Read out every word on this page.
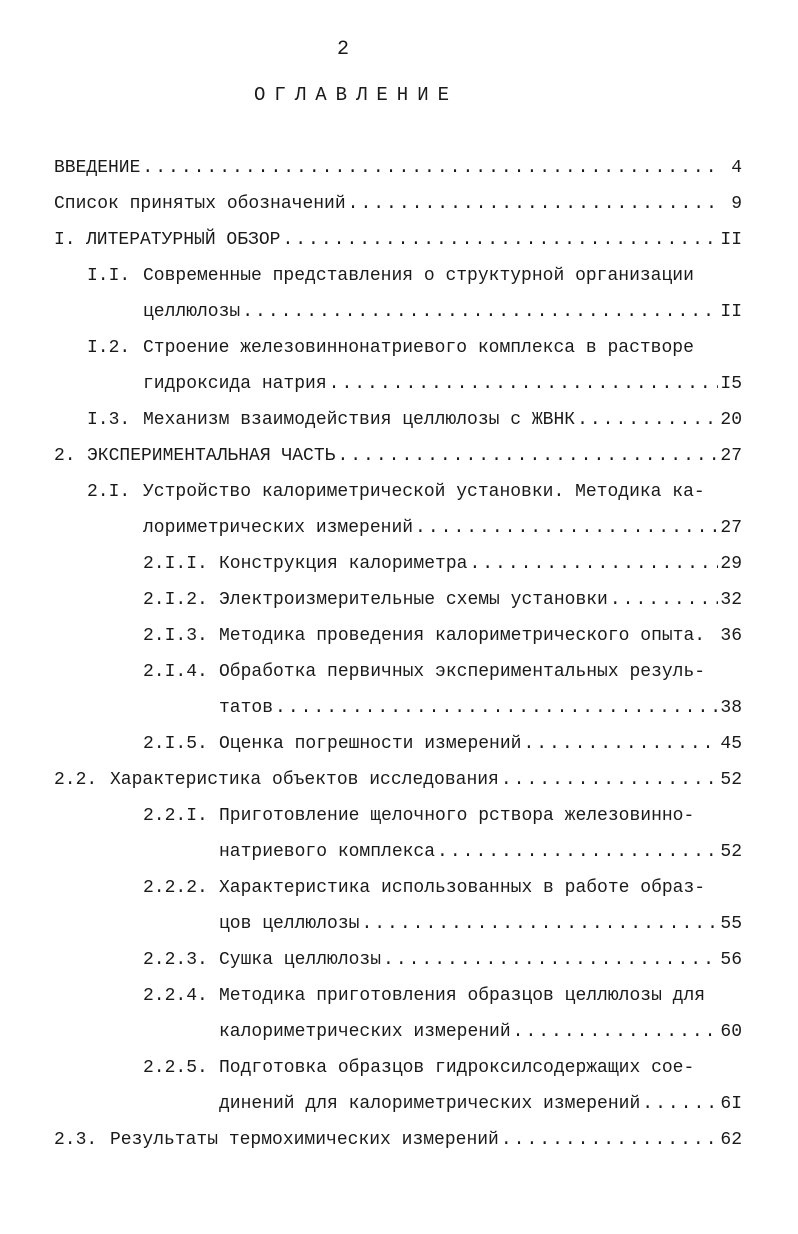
2
ОГЛАВЛЕНИЕ
ВВЕДЕНИЕ .....	4
Список принятых обозначений .....	9
I. ЛИТЕРАТУРНЫЙ ОБЗОР .....	II
I.I. Современные представления о структурной организации
целлюлозы .....	II
I.2. Строение железовиннонатриевого комплекса в растворе
гидроксида натрия .....	I5
I.3. Механизм взаимодействия целлюлозы с ЖВНК .....	20
2. ЭКСПЕРИМЕНТАЛЬНАЯ ЧАСТЬ .....	27
2.I. Устройство калориметрической установки. Методика ка-
лориметрических измерений .....	27
2.I.I. Конструкция калориметра .....	29
2.I.2. Электроизмерительные схемы установки .....	32
2.I.3. Методика проведения калориметрического опыта. 36
2.I.4. Обработка первичных экспериментальных резуль-
татов .....	38
2.I.5. Оценка погрешности измерений .....	45
2.2. Характеристика объектов исследования .....	52
2.2.I. Приготовление щелочного рствора железовинно-
натриевого комплекса .....	52
2.2.2. Характеристика использованных в работе образ-
цов целлюлозы .....	55
2.2.3. Сушка целлюлозы .....	56
2.2.4. Методика приготовления образцов целлюлозы для
калориметрических измерений .....	60
2.2.5. Подготовка образцов гидроксилсодержащих сое-
динений для калориметрических измерений .....	6I
2.3. Результаты термохимических измерений .....	62
